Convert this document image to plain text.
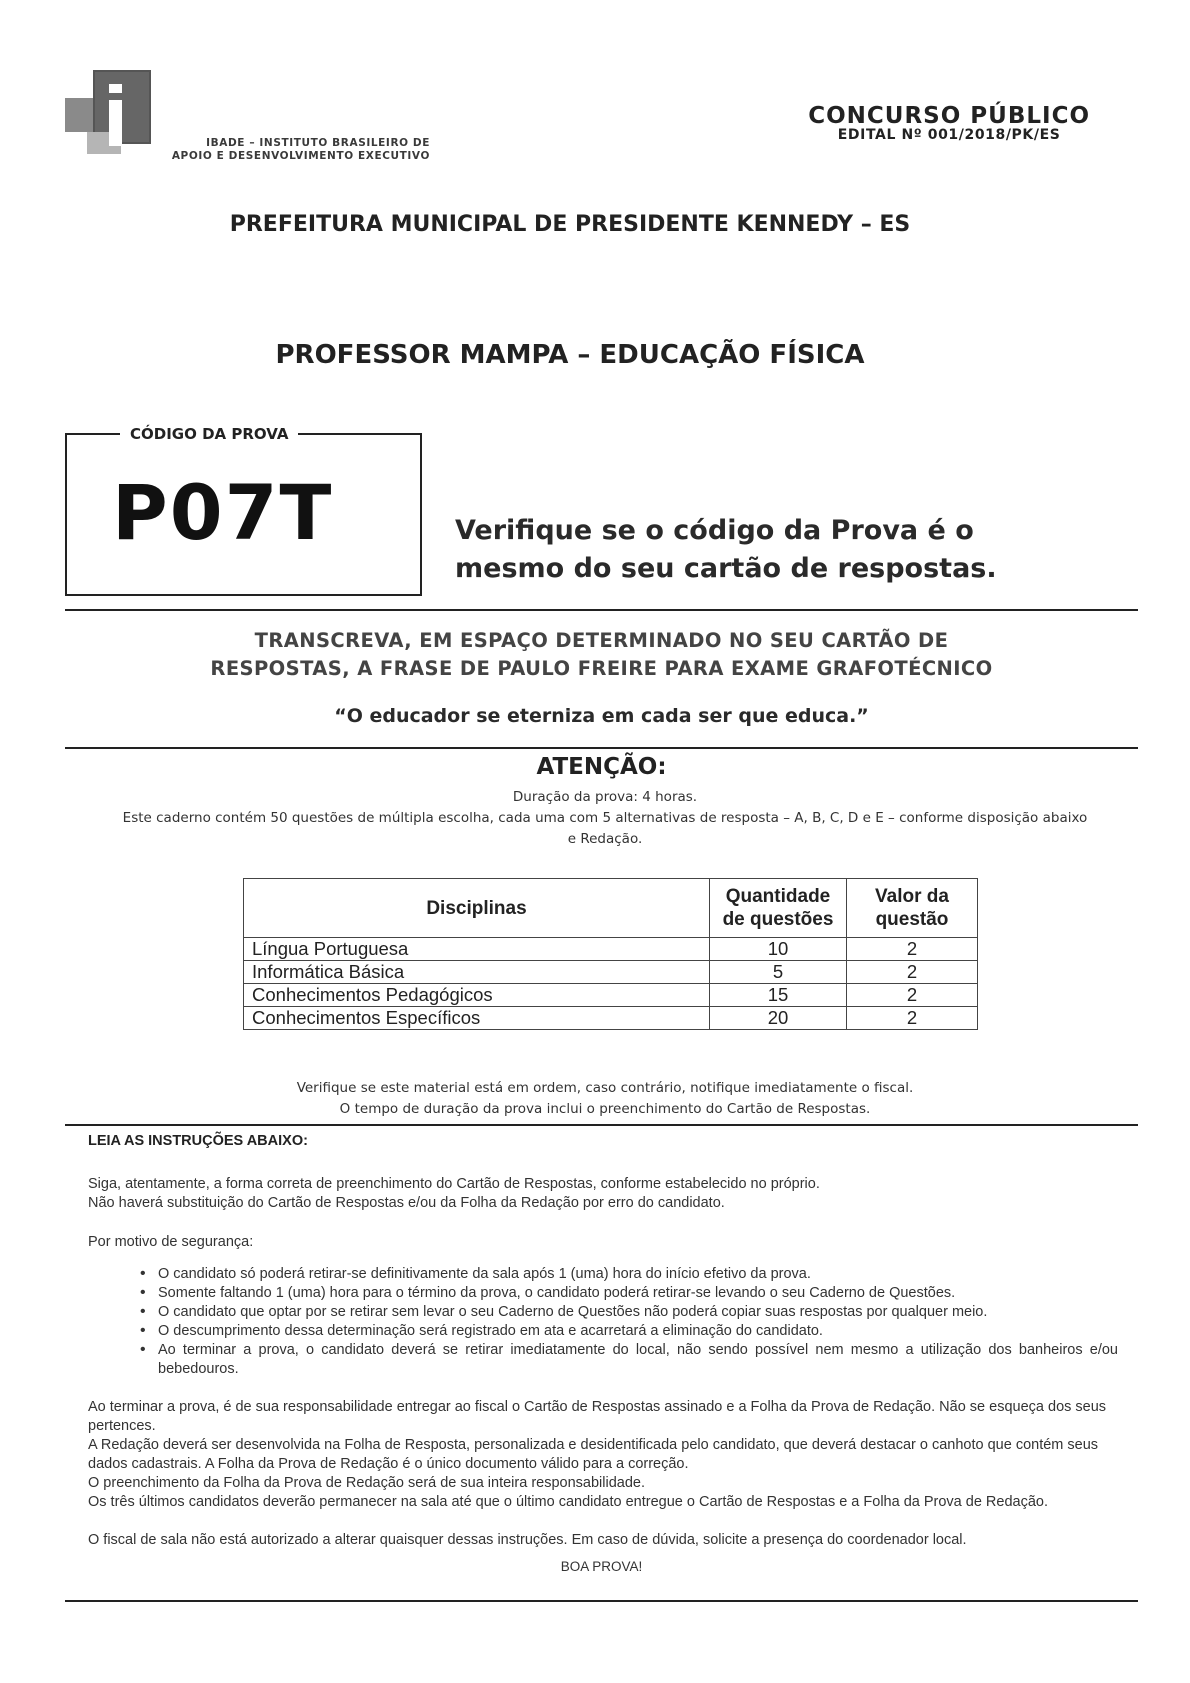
IBADE – INSTITUTO BRASILEIRO DE
APOIO E DESENVOLVIMENTO EXECUTIVO
CONCURSO PÚBLICO
EDITAL Nº 001/2018/PK/ES
PREFEITURA MUNICIPAL DE PRESIDENTE KENNEDY – ES
PROFESSOR MAMPA – EDUCAÇÃO FÍSICA
CÓDIGO DA PROVA
P07T	Verifique se o código da Prova é o
mesmo do seu cartão de respostas.
TRANSCREVA, EM ESPAÇO DETERMINADO NO SEU CARTÃO DE
RESPOSTAS, A FRASE DE PAULO FREIRE PARA EXAME GRAFOTÉCNICO
“O educador se eterniza em cada ser que educa.”
ATENÇÃO:
Duração da prova: 4 horas.
Este caderno contém 50 questões de múltipla escolha, cada uma com 5 alternativas de resposta – A, B, C, D e E – conforme disposição abaixo
e Redação.
Disciplinas	Quantidade de questões	Valor da questão
Língua Portuguesa	10	2
Informática Básica	5	2
Conhecimentos Pedagógicos	15	2
Conhecimentos Específicos	20	2
Verifique se este material está em ordem, caso contrário, notifique imediatamente o fiscal.
O tempo de duração da prova inclui o preenchimento do Cartão de Respostas.
LEIA AS INSTRUÇÕES ABAIXO:
Siga, atentamente, a forma correta de preenchimento do Cartão de Respostas, conforme estabelecido no próprio.
Não haverá substituição do Cartão de Respostas e/ou da Folha da Redação por erro do candidato.
Por motivo de segurança:
• O candidato só poderá retirar-se definitivamente da sala após 1 (uma) hora do início efetivo da prova.
• Somente faltando 1 (uma) hora para o término da prova, o candidato poderá retirar-se levando o seu Caderno de Questões.
• O candidato que optar por se retirar sem levar o seu Caderno de Questões não poderá copiar suas respostas por qualquer meio.
• O descumprimento dessa determinação será registrado em ata e acarretará a eliminação do candidato.
• Ao terminar a prova, o candidato deverá se retirar imediatamente do local, não sendo possível nem mesmo a utilização dos banheiros e/ou bebedouros.
Ao terminar a prova, é de sua responsabilidade entregar ao fiscal o Cartão de Respostas assinado e a Folha da Prova de Redação. Não se esqueça dos seus pertences.
A Redação deverá ser desenvolvida na Folha de Resposta, personalizada e desidentificada pelo candidato, que deverá destacar o canhoto que contém seus dados cadastrais. A Folha da Prova de Redação é o único documento válido para a correção.
O preenchimento da Folha da Prova de Redação será de sua inteira responsabilidade.
Os três últimos candidatos deverão permanecer na sala até que o último candidato entregue o Cartão de Respostas e a Folha da Prova de Redação.
O fiscal de sala não está autorizado a alterar quaisquer dessas instruções. Em caso de dúvida, solicite a presença do coordenador local.
BOA PROVA!
